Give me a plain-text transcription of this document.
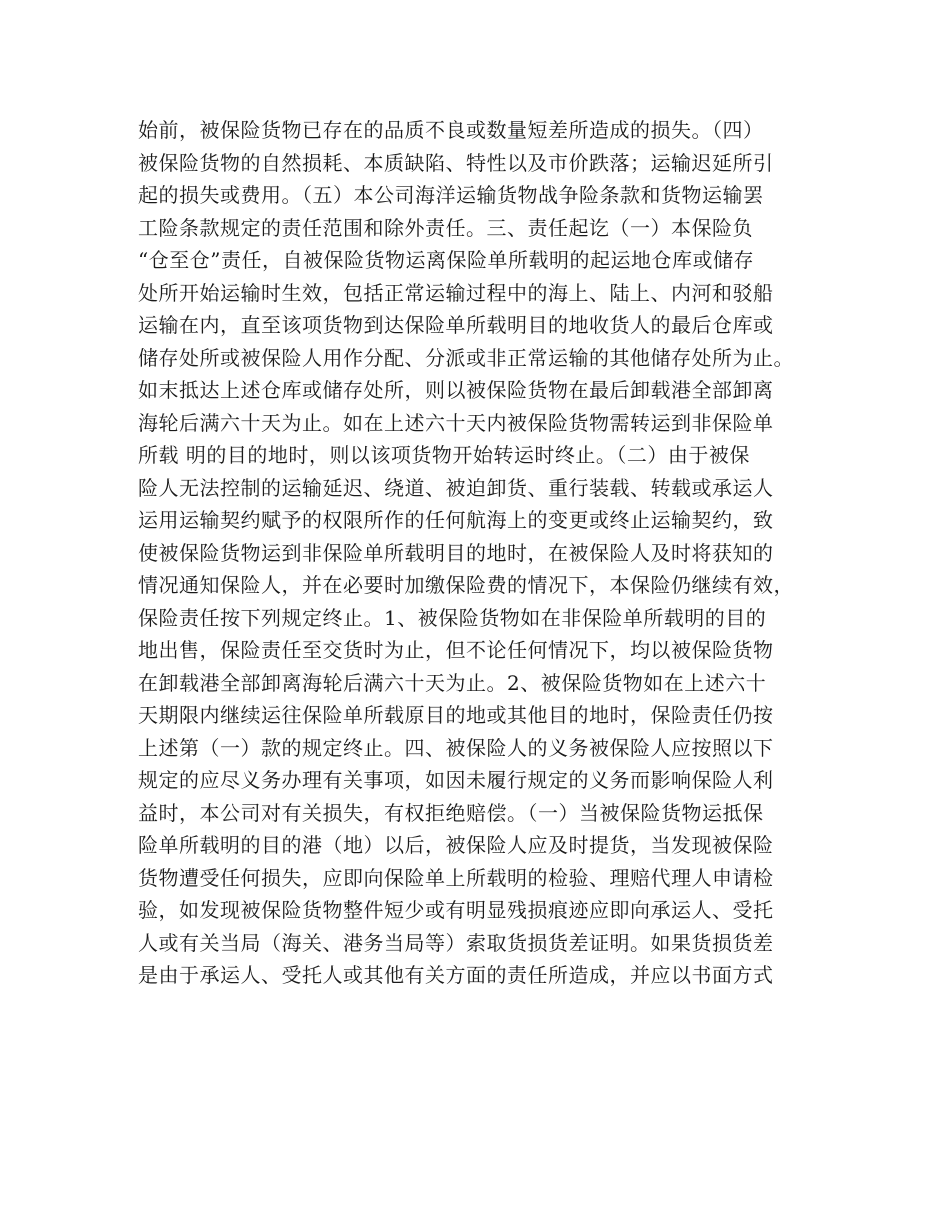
始前，被保险货物已存在的品质不良或数量短差所造成的损失。（四）
被保险货物的自然损耗、本质缺陷、特性以及市价跌落；运输迟延所引
起的损失或费用。（五）本公司海洋运输货物战争险条款和货物运输罢
工险条款规定的责任范围和除外责任。三、责任起讫（一）本保险负
“仓至仓”责任，自被保险货物运离保险单所载明的起运地仓库或储存
处所开始运输时生效，包括正常运输过程中的海上、陆上、内河和驳船
运输在内，直至该项货物到达保险单所载明目的地收货人的最后仓库或
储存处所或被保险人用作分配、分派或非正常运输的其他储存处所为止。
如末抵达上述仓库或储存处所，则以被保险货物在最后卸载港全部卸离
海轮后满六十天为止。如在上述六十天内被保险货物需转运到非保险单
所载 明的目的地时，则以该项货物开始转运时终止。（二）由于被保
险人无法控制的运输延迟、绕道、被迫卸货、重行装载、转载或承运人
运用运输契约赋予的权限所作的任何航海上的变更或终止运输契约，致
使被保险货物运到非保险单所载明目的地时，在被保险人及时将获知的
情况通知保险人，并在必要时加缴保险费的情况下，本保险仍继续有效，
保险责任按下列规定终止。1、被保险货物如在非保险单所载明的目的
地出售，保险责任至交货时为止，但不论任何情况下，均以被保险货物
在卸载港全部卸离海轮后满六十天为止。2、被保险货物如在上述六十
天期限内继续运往保险单所载原目的地或其他目的地时，保险责任仍按
上述第（一）款的规定终止。四、被保险人的义务被保险人应按照以下
规定的应尽义务办理有关事项，如因未履行规定的义务而影响保险人利
益时，本公司对有关损失，有权拒绝赔偿。（一）当被保险货物运抵保
险单所载明的目的港（地）以后，被保险人应及时提货，当发现被保险
货物遭受任何损失，应即向保险单上所载明的检验、理赔代理人申请检
验，如发现被保险货物整件短少或有明显残损痕迹应即向承运人、受托
人或有关当局（海关、港务当局等）索取货损货差证明。如果货损货差
是由于承运人、受托人或其他有关方面的责任所造成，并应以书面方式
